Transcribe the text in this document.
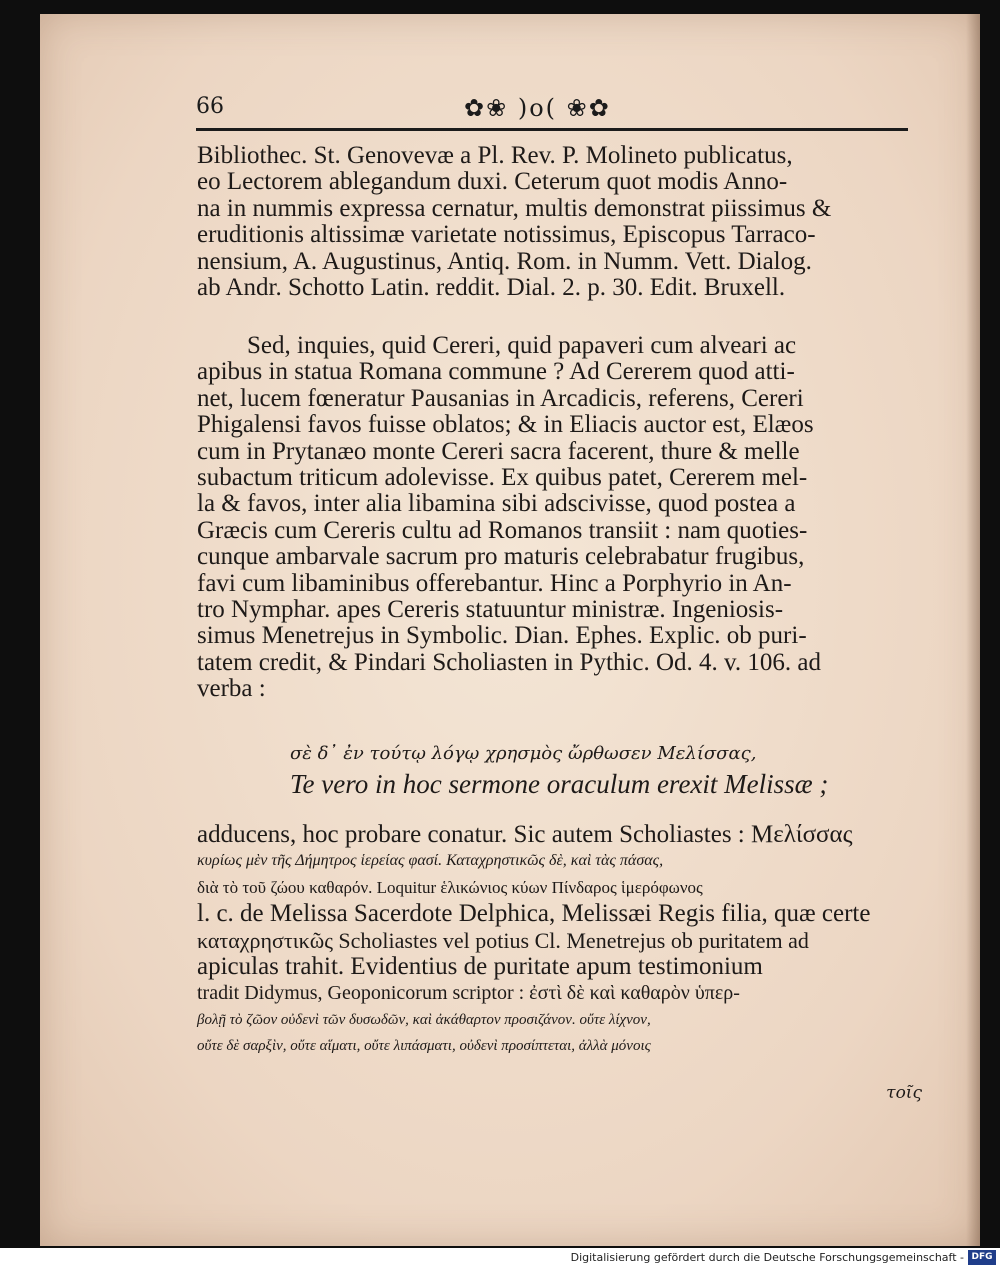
66	✿❀ )o( ❀✿
Bibliothec. St. Genovevæ a Pl. Rev. P. Molineto publicatus,
eo Lectorem ablegandum duxi. Ceterum quot modis Anno-
na in nummis expressa cernatur, multis demonstrat piissimus &
eruditionis altissimæ varietate notissimus, Episcopus Tarraco-
nensium, A. Augustinus, Antiq. Rom. in Numm. Vett. Dialog.
ab Andr. Schotto Latin. reddit. Dial. 2. p. 30. Edit. Bruxell.
Sed, inquies, quid Cereri, quid papaveri cum alveari ac
apibus in statua Romana commune ? Ad Cererem quod atti-
net, lucem fœneratur Pausanias in Arcadicis, referens, Cereri
Phigalensi favos fuisse oblatos; & in Eliacis auctor est, Elæos
cum in Prytanæo monte Cereri sacra facerent, thure & melle
subactum triticum adolevisse. Ex quibus patet, Cererem mel-
la & favos, inter alia libamina sibi adscivisse, quod postea a
Græcis cum Cereris cultu ad Romanos transiit : nam quoties-
cunque ambarvale sacrum pro maturis celebrabatur frugibus,
favi cum libaminibus offerebantur. Hinc a Porphyrio in An-
tro Nymphar. apes Cereris statuuntur ministræ. Ingeniosis-
simus Menetrejus in Symbolic. Dian. Ephes. Explic. ob puri-
tatem credit, & Pindari Scholiasten in Pythic. Od. 4. v. 106. ad
verba :
σὲ δ᾽ ἐν τούτῳ λόγῳ χρησμὸς ὤρθωσεν Μελίσσας,
Te vero in hoc sermone oraculum erexit Melissæ ;
adducens, hoc probare conatur. Sic autem Scholiastes : Μελίσσας
κυρίως μὲν τῆς Δήμητρος ἱερείας φασί. Καταχρηστικῶς δὲ, καὶ τὰς πάσας,
διὰ τὸ τοῦ ζώου καθαρόν. Loquitur ἑλικώνιος κύων Πίνδαρος ἱμερόφωνος
l. c. de Melissa Sacerdote Delphica, Melissæi Regis filia, quæ certe
καταχρηστικῶς Scholiastes vel potius Cl. Menetrejus ob puritatem ad
apiculas trahit. Evidentius de puritate apum testimonium
tradit Didymus, Geoponicorum scriptor : ἐστὶ δὲ καὶ καθαρὸν ὑπερ-
βολῇ τὸ ζῶον οὐδενὶ τῶν δυσωδῶν, καὶ ἀκάθαρτον προσιζάνον. οὔτε λίχνον,
οὔτε δὲ σαρξὶν, οὔτε αἵματι, οὔτε λιπάσματι, οὐδενὶ προσίπτεται, ἀλλὰ μόνοις
τοῖς
Digitalisierung gefördert durch die Deutsche Forschungsgemeinschaft - DFG
